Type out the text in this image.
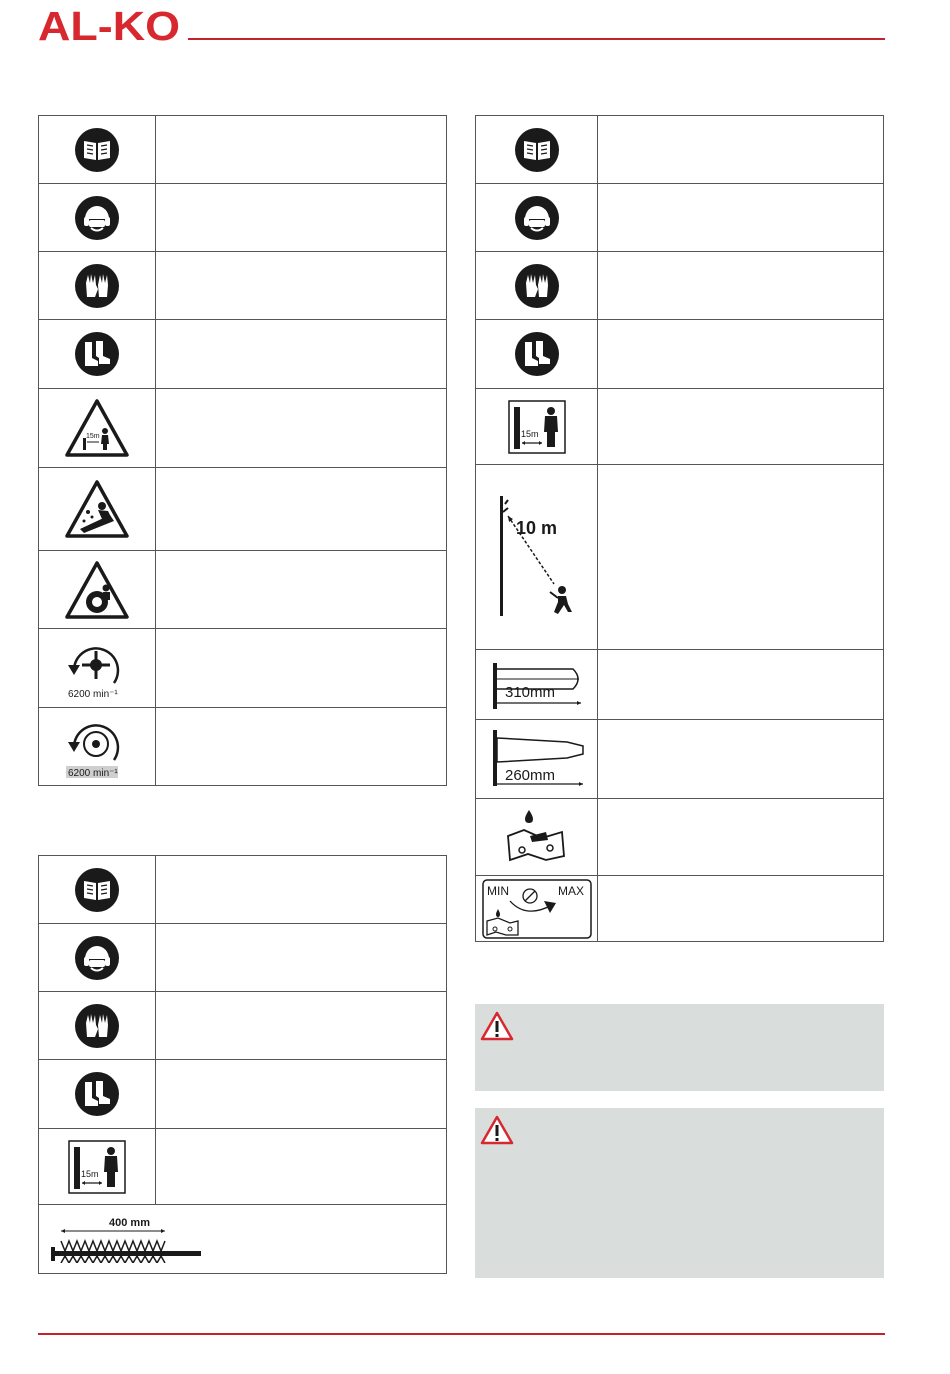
AL-KO

15m	

6200 min⁻¹	

6200 min⁻¹	

15m	

400 mm	

15m	

10 m	

310mm	

260mm	

MIN MAX	
